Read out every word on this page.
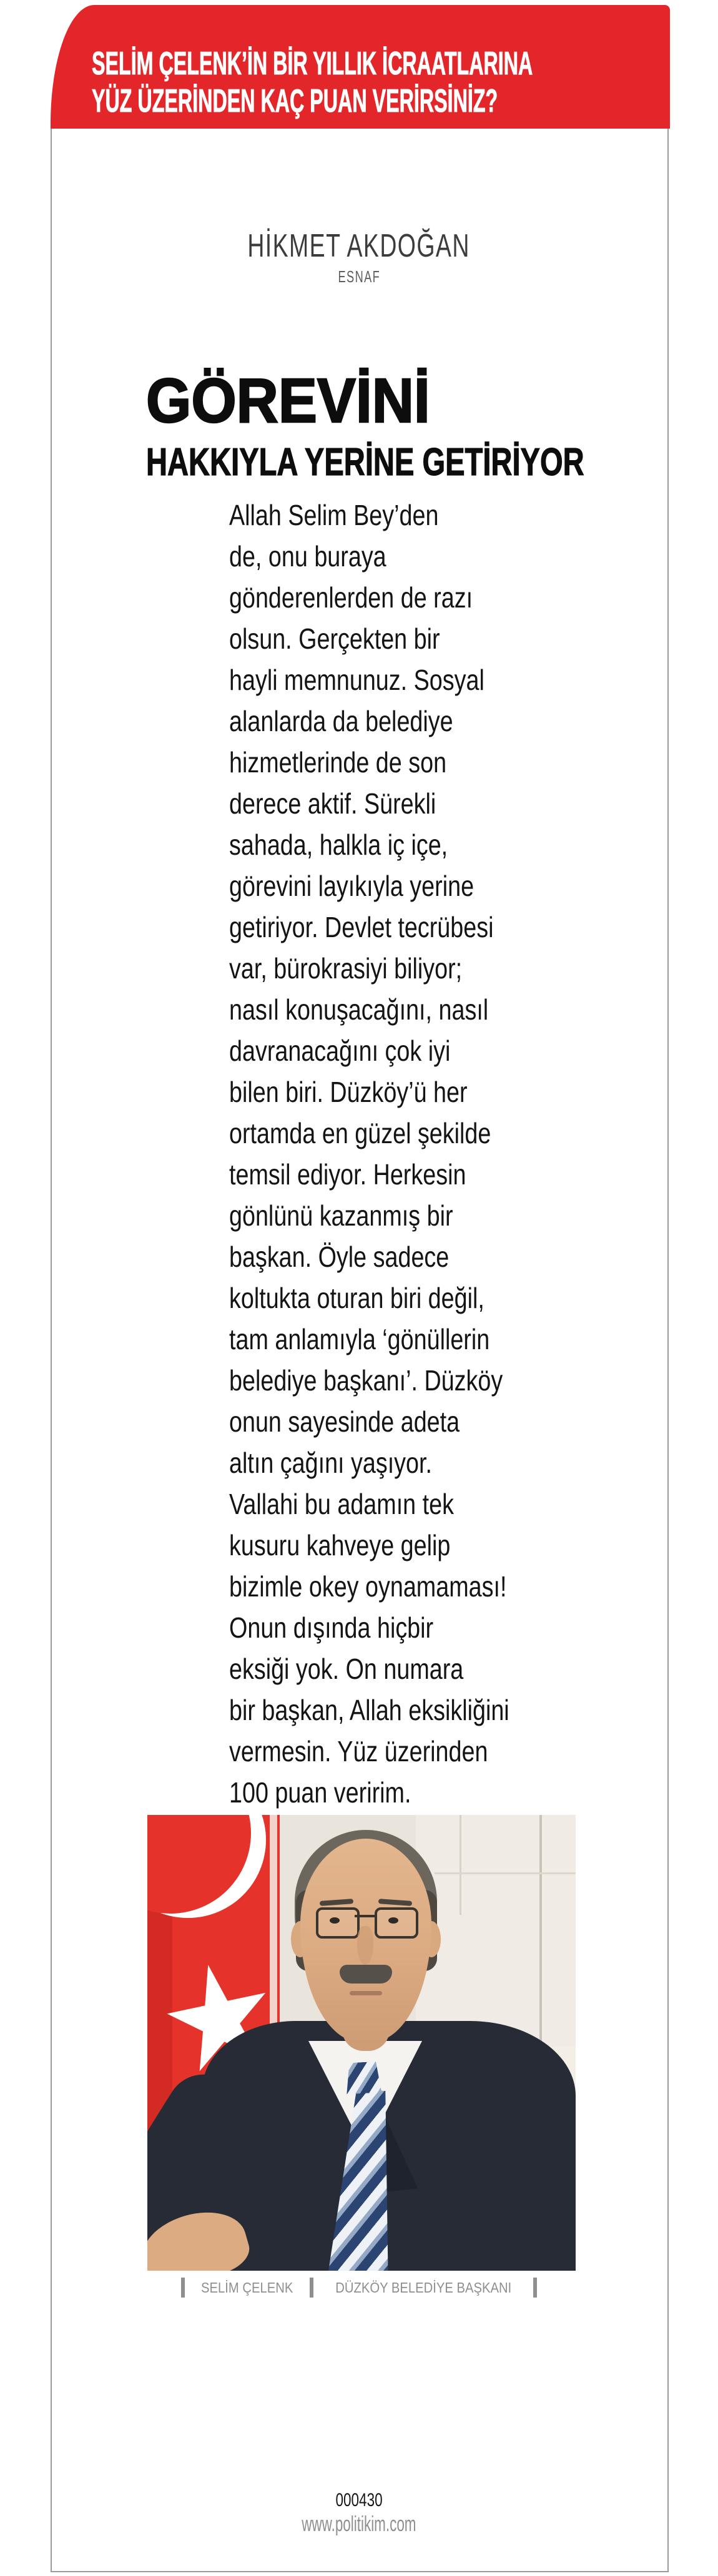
SELİM ÇELENK’İN BİR YILLIK İCRAATLARINA
YÜZ ÜZERİNDEN KAÇ PUAN VERİRSİNİZ?
HİKMET AKDOĞAN
ESNAF
GÖREVİNİ
HAKKIYLA YERİNE GETİRİYOR
Allah Selim Bey’den
de, onu buraya
gönderenlerden de razı
olsun. Gerçekten bir
hayli memnunuz. Sosyal
alanlarda da belediye
hizmetlerinde de son
derece aktif. Sürekli
sahada, halkla iç içe,
görevini layıkıyla yerine
getiriyor. Devlet tecrübesi
var, bürokrasiyi biliyor;
nasıl konuşacağını, nasıl
davranacağını çok iyi
bilen biri. Düzköy’ü her
ortamda en güzel şekilde
temsil ediyor. Herkesin
gönlünü kazanmış bir
başkan. Öyle sadece
koltukta oturan biri değil,
tam anlamıyla ‘gönüllerin
belediye başkanı’. Düzköy
onun sayesinde adeta
altın çağını yaşıyor.
Vallahi bu adamın tek
kusuru kahveye gelip
bizimle okey oynamaması!
Onun dışında hiçbir
eksiği yok. On numara
bir başkan, Allah eksikliğini
vermesin. Yüz üzerinden
100 puan veririm.
SELİM ÇELENK	DÜZKÖY BELEDİYE BAŞKANI
000430
www.politikim.com
